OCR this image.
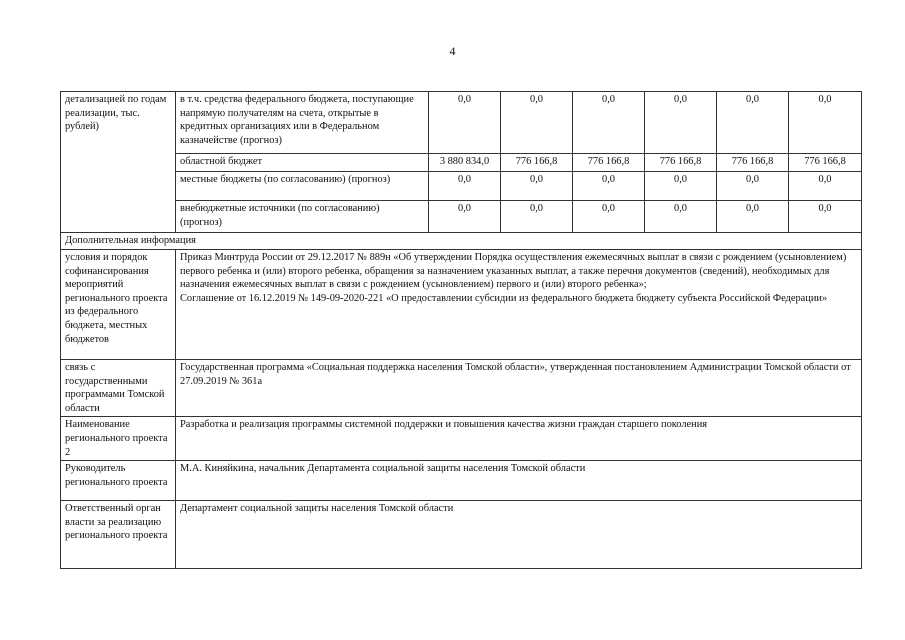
4
детализацией по годам реализации, тыс. рублей)	в т.ч. средства федерального бюджета, поступающие напрямую получателям на счета, открытые в кредитных организациях или в Федеральном казначействе (прогноз)	0,0	0,0	0,0	0,0	0,0	0,0
	областной бюджет	3 880 834,0	776 166,8	776 166,8	776 166,8	776 166,8	776 166,8
	местные бюджеты (по согласованию) (прогноз)	0,0	0,0	0,0	0,0	0,0	0,0
	внебюджетные источники (по согласованию) (прогноз)	0,0	0,0	0,0	0,0	0,0	0,0
Дополнительная информация							
условия и порядок софинансирования мероприятий регионального проекта из федерального бюджета, местных бюджетов	Приказ Минтруда России от 29.12.2017 № 889н «Об утверждении Порядка осуществления ежемесячных выплат в связи с рождением (усыновлением) первого ребенка и (или) второго ребенка, обращения за назначением указанных выплат, а также перечня документов (сведений), необходимых для назначения ежемесячных выплат в связи с рождением (усыновлением) первого и (или) второго ребенка»;
Соглашение от 16.12.2019 № 149-09-2020-221 «О предоставлении субсидии из федерального бюджета бюджету субъекта Российской Федерации»						

связь с государственными программами Томской области	Государственная программа «Социальная поддержка населения Томской области», утвержденная постановлением Администрации Томской области от 27.09.2019 № 361а						

Наименование регионального проекта 2	Разработка и реализация программы системной поддержки и повышения качества жизни граждан старшего поколения						

Руководитель регионального проекта	М.А. Киняйкина, начальник Департамента социальной защиты населения Томской области						

Ответственный орган власти за реализацию регионального проекта	Департамент социальной защиты населения Томской области						
